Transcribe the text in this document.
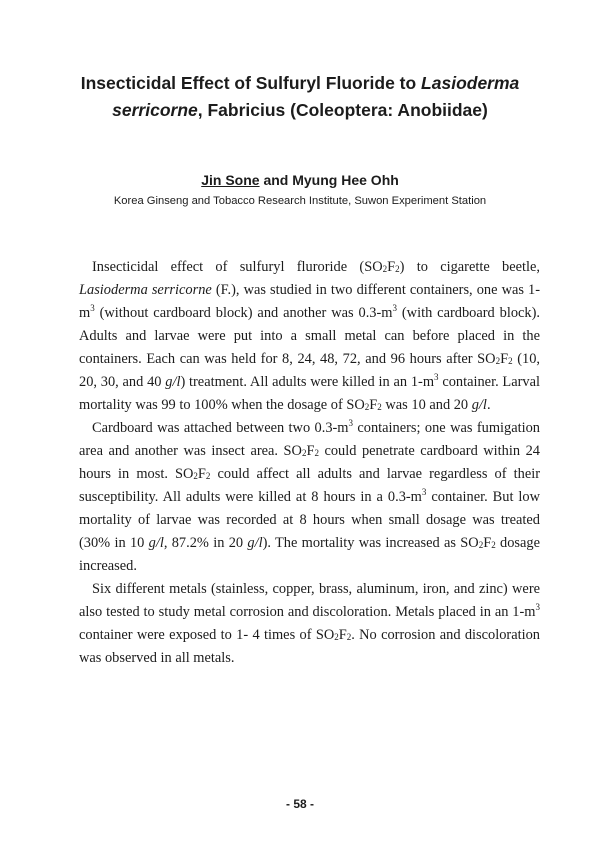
Insecticidal Effect of Sulfuryl Fluoride to Lasioderma serricorne, Fabricius (Coleoptera: Anobiidae)
Jin Sone and Myung Hee Ohh
Korea Ginseng and Tobacco Research Institute, Suwon Experiment Station

Insecticidal effect of sulfuryl fluroride $(SO_2F_2)$ to cigarette beetle, Lasioderma serricorne (F.), was studied in two different containers, one was $1-m^3$ (without cardboard block) and another was $0.3-m^3$ (with cardboard block). Adults and larvae were put into a small metal can before placed in the containers. Each can was held for 8, 24, 48, 72, and 96 hours after $SO_2F_2$ (10, 20, 30, and 40 g/l) treatment. All adults were killed in an $1-m^3$ container. Larval mortality was 99 to 100% when the dosage of $SO_2F_2$ was 10 and 20 g/l.

Cardboard was attached between two $0.3-m^3$ containers; one was fumigation area and another was insect area. $SO_2F_2$ could penetrate cardboard within 24 hours in most. $SO_2F_2$ could affect all adults and larvae regardless of their susceptibility. All adults were killed at 8 hours in a $0.3-m^3$ container. But low mortality of larvae was recorded at 8 hours when small dosage was treated (30% in 10 g/l, 87.2% in 20 g/l). The mortality was increased as $SO_2F_2$ dosage increased.

Six different metals (stainless, copper, brass, aluminum, iron, and zinc) were also tested to study metal corrosion and discoloration. Metals placed in an $1-m^3$ container were exposed to 1- 4 times of $SO_2F_2$. No corrosion and discoloration was observed in all metals.

- 58 -
